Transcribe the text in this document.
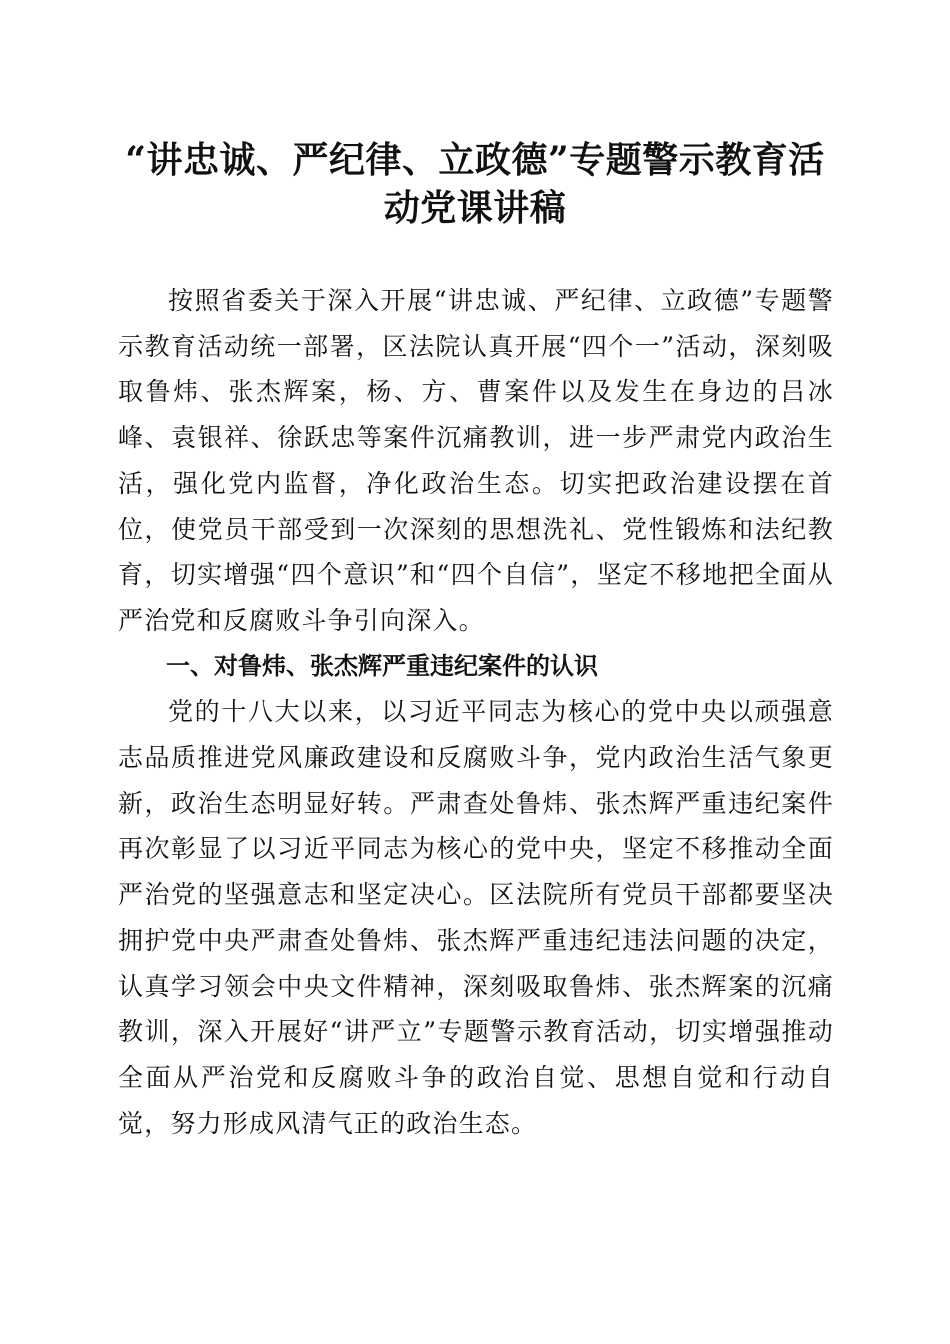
“讲忠诚、严纪律、立政德”专题警示教育活动党课讲稿

按照省委关于深入开展“讲忠诚、严纪律、立政德”专题警示教育活动统一部署，区法院认真开展“四个一”活动，深刻吸取鲁炜、张杰辉案，杨、方、曹案件以及发生在身边的吕冰峰、袁银祥、徐跃忠等案件沉痛教训，进一步严肃党内政治生活，强化党内监督，净化政治生态。切实把政治建设摆在首位，使党员干部受到一次深刻的思想洗礼、党性锻炼和法纪教育，切实增强“四个意识”和“四个自信”，坚定不移地把全面从严治党和反腐败斗争引向深入。

一、对鲁炜、张杰辉严重违纪案件的认识

党的十八大以来，以习近平同志为核心的党中央以顽强意志品质推进党风廉政建设和反腐败斗争，党内政治生活气象更新，政治生态明显好转。严肃查处鲁炜、张杰辉严重违纪案件再次彰显了以习近平同志为核心的党中央，坚定不移推动全面严治党的坚强意志和坚定决心。区法院所有党员干部都要坚决拥护党中央严肃查处鲁炜、张杰辉严重违纪违法问题的决定，认真学习领会中央文件精神，深刻吸取鲁炜、张杰辉案的沉痛教训，深入开展好“讲严立”专题警示教育活动，切实增强推动全面从严治党和反腐败斗争的政治自觉、思想自觉和行动自觉，努力形成风清气正的政治生态。
